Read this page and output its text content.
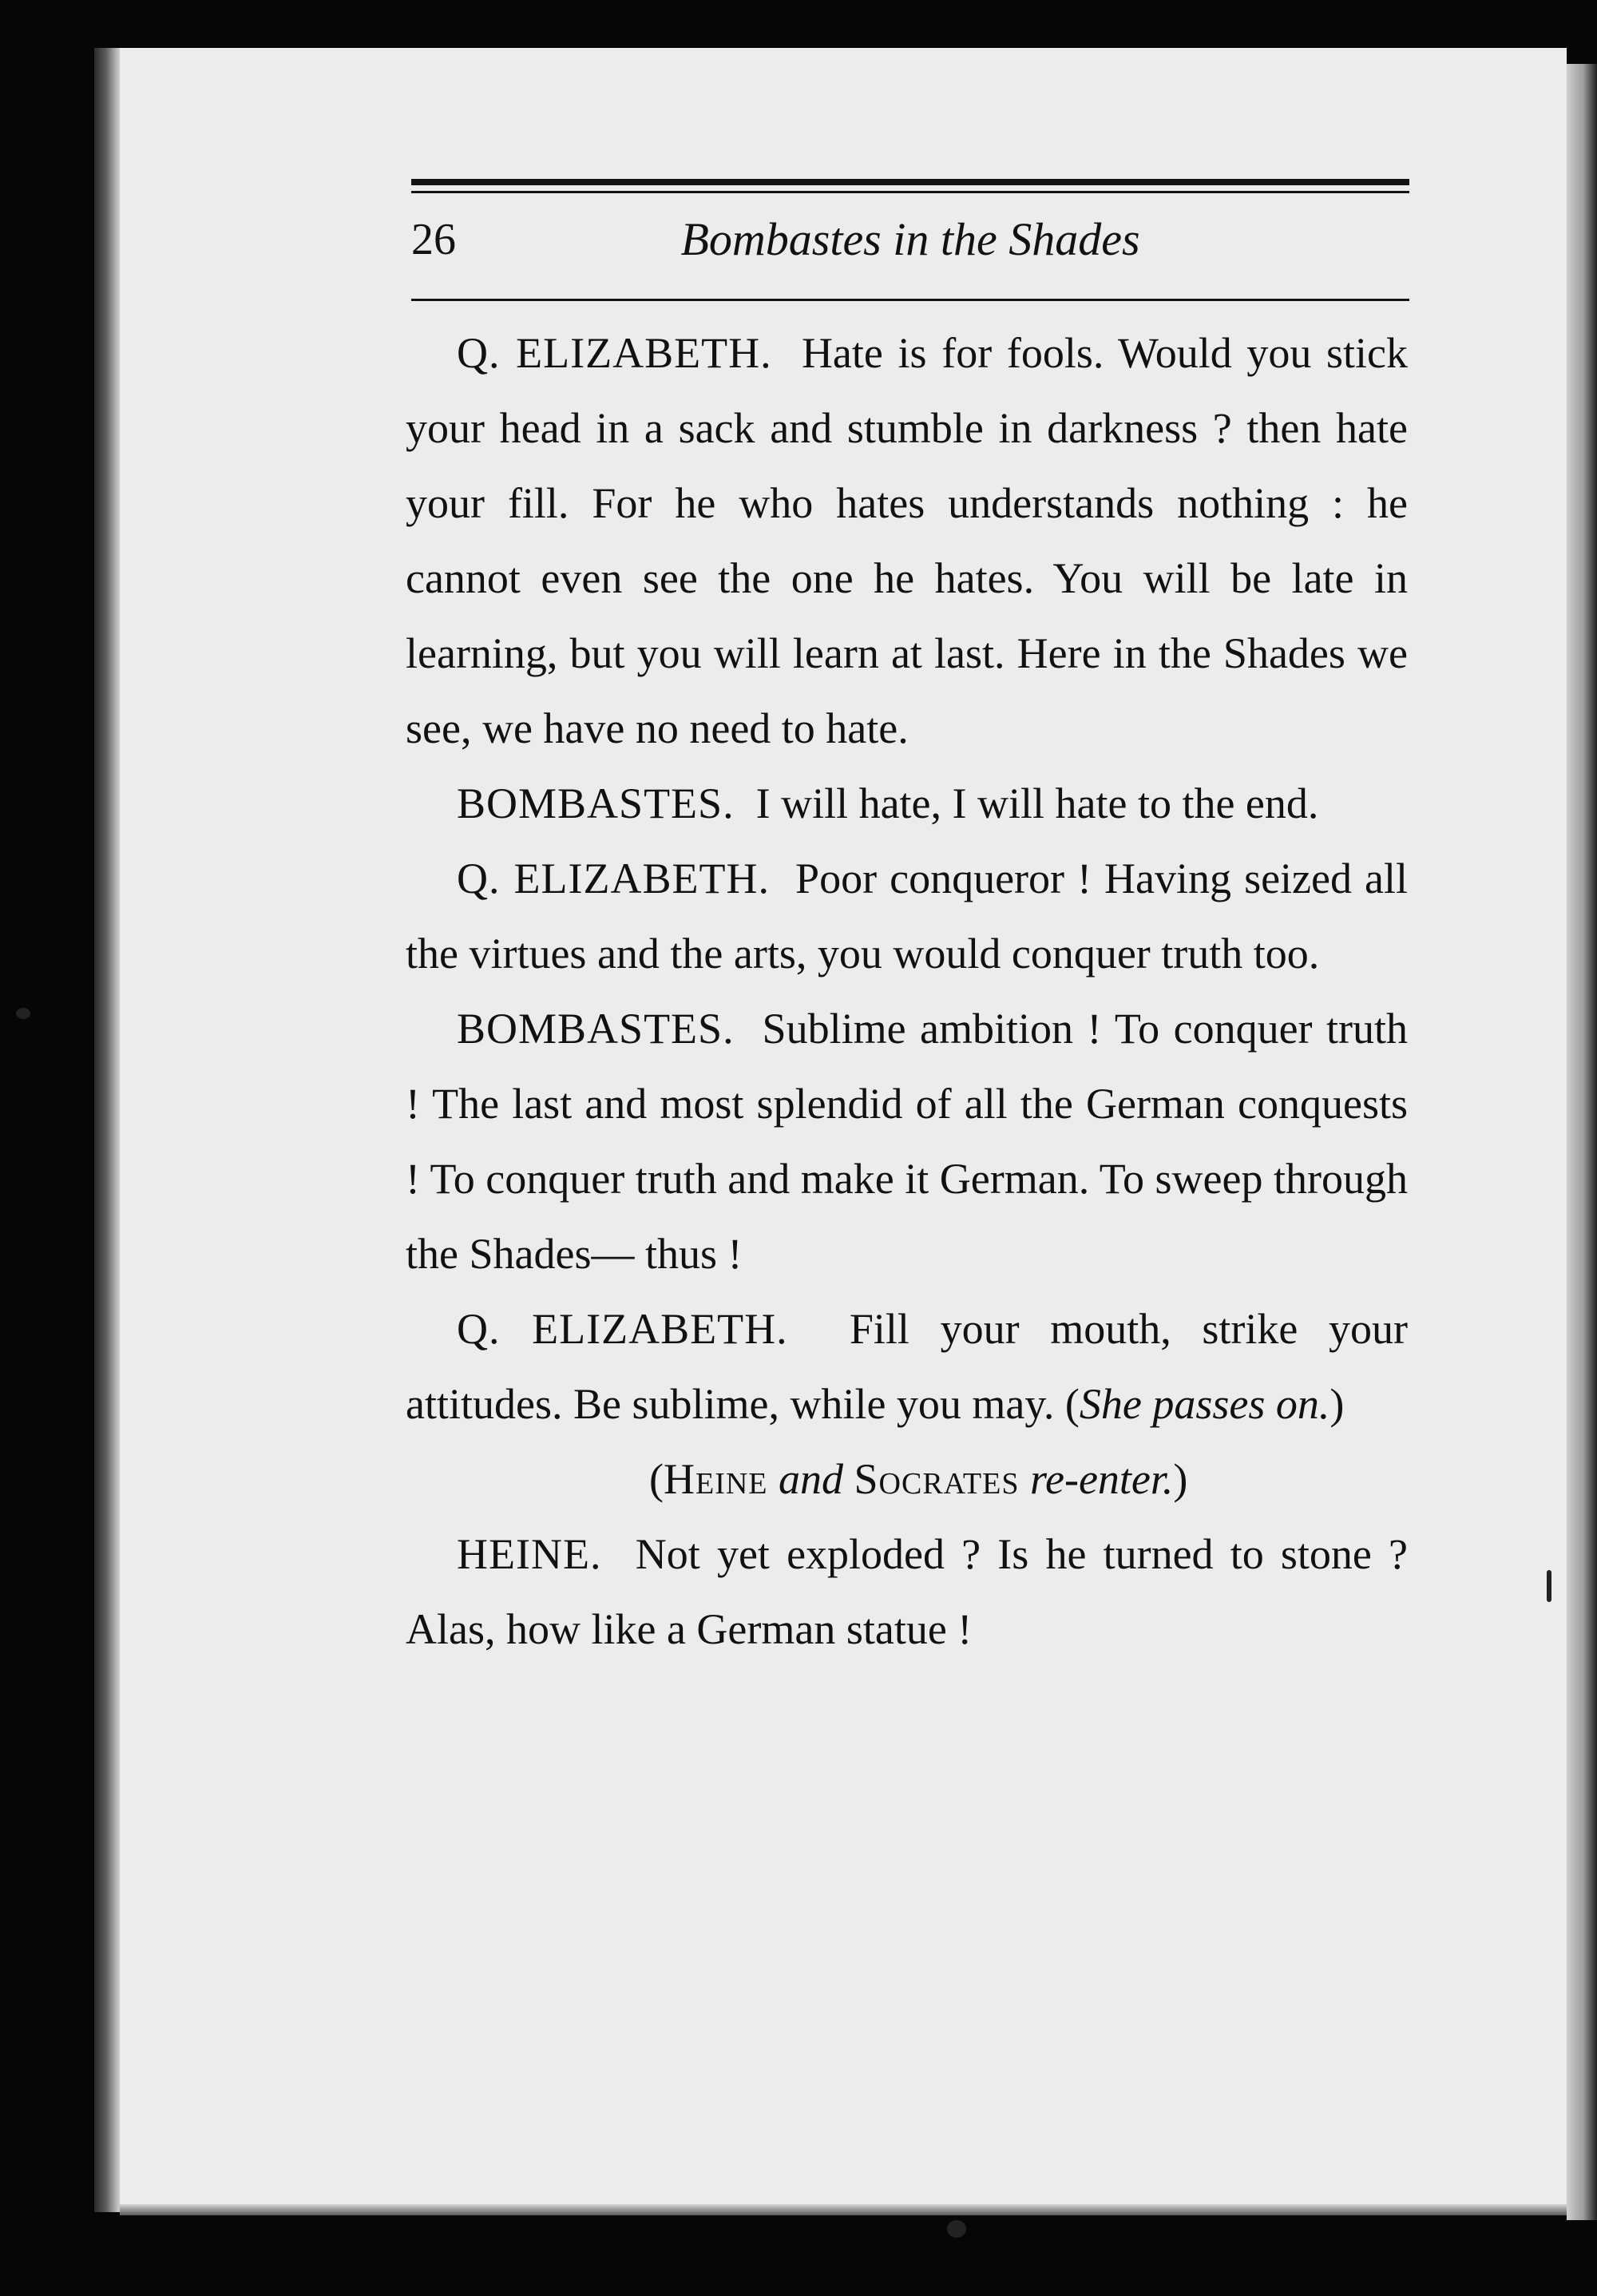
Bombastes in the Shades
26

Q. ELIZABETH. Hate is for fools. Would you stick your head in a sack and stumble in darkness ? then hate your fill. For he who hates understands nothing : he cannot even see the one he hates. You will be late in learning, but you will learn at last. Here in the Shades we see, we have no need to hate.

BOMBASTES. I will hate, I will hate to the end.

Q. ELIZABETH. Poor conqueror ! Having seized all the virtues and the arts, you would conquer truth too.

BOMBASTES. Sublime ambition ! To conquer truth ! The last and most splendid of all the German conquests ! To conquer truth and make it German. To sweep through the Shades— thus !

Q. ELIZABETH. Fill your mouth, strike your attitudes. Be sublime, while you may. (She passes on.)

(Heine and Socrates re-enter.)

HEINE. Not yet exploded ? Is he turned to stone ? Alas, how like a German statue !
